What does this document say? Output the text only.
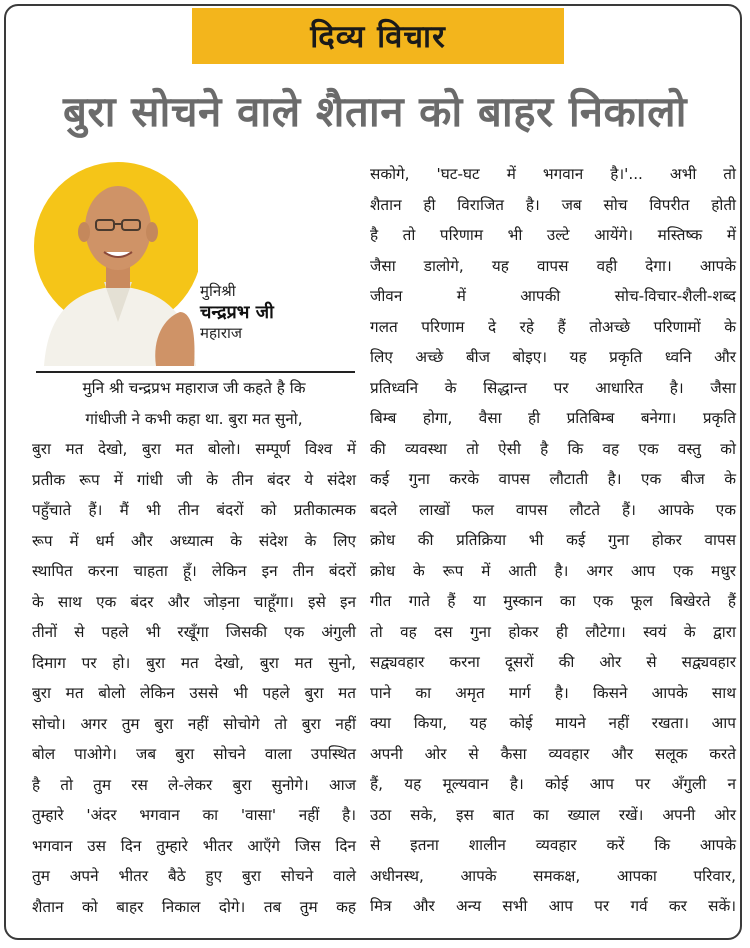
दिव्य विचार
बुरा सोचने वाले शैतान को बाहर निकालो
मुनिश्री
चन्द्रप्रभ जी
महाराज
मुनि श्री चन्द्रप्रभ महाराज जी कहते है कि
गांधीजी ने कभी कहा था. बुरा मत सुनो,
बुरा मत देखो, बुरा मत बोलो। सम्पूर्ण विश्व में
प्रतीक रूप में गांधी जी के तीन बंदर ये संदेश
पहुँचाते हैं। मैं भी तीन बंदरों को प्रतीकात्मक
रूप में धर्म और अध्यात्म के संदेश के लिए
स्थापित करना चाहता हूँ। लेकिन इन तीन बंदरों
के साथ एक बंदर और जोड़ना चाहूँगा। इसे इन
तीनों से पहले भी रखूँगा जिसकी एक अंगुली
दिमाग पर हो। बुरा मत देखो, बुरा मत सुनो,
बुरा मत बोलो लेकिन उससे भी पहले बुरा मत
सोचो। अगर तुम बुरा नहीं सोचोगे तो बुरा नहीं
बोल पाओगे। जब बुरा सोचने वाला उपस्थित
है तो तुम रस ले-लेकर बुरा सुनोगे। आज
तुम्हारे 'अंदर भगवान का 'वासा' नहीं है।
भगवान उस दिन तुम्हारे भीतर आएँगे जिस दिन
तुम अपने भीतर बैठे हुए बुरा सोचने वाले
शैतान को बाहर निकाल दोगे। तब तुम कह
सकोगे, 'घट-घट में भगवान है।'... अभी तो
शैतान ही विराजित है। जब सोच विपरीत होती
है तो परिणाम भी उल्टे आयेंगे। मस्तिष्क में
जैसा डालोगे, यह वापस वही देगा। आपके
जीवन में आपकी सोच-विचार-शैली-शब्द
गलत परिणाम दे रहे हैं तोअच्छे परिणामों के
लिए अच्छे बीज बोइए। यह प्रकृति ध्वनि और
प्रतिध्वनि के सिद्धान्त पर आधारित है। जैसा
बिम्ब होगा, वैसा ही प्रतिबिम्ब बनेगा। प्रकृति
की व्यवस्था तो ऐसी है कि वह एक वस्तु को
कई गुना करके वापस लौटाती है। एक बीज के
बदले लाखों फल वापस लौटते हैं। आपके एक
क्रोध की प्रतिक्रिया भी कई गुना होकर वापस
क्रोध के रूप में आती है। अगर आप एक मधुर
गीत गाते हैं या मुस्कान का एक फूल बिखेरते हैं
तो वह दस गुना होकर ही लौटेगा। स्वयं के द्वारा
सद्व्यवहार करना दूसरों की ओर से सद्व्यवहार
पाने का अमृत मार्ग है। किसने आपके साथ
क्या किया, यह कोई मायने नहीं रखता। आप
अपनी ओर से कैसा व्यवहार और सलूक करते
हैं, यह मूल्यवान है। कोई आप पर अँगुली न
उठा सके, इस बात का ख्याल रखें। अपनी ओर
से इतना शालीन व्यवहार करें कि आपके
अधीनस्थ, आपके समकक्ष, आपका परिवार,
मित्र और अन्य सभी आप पर गर्व कर सकें।
